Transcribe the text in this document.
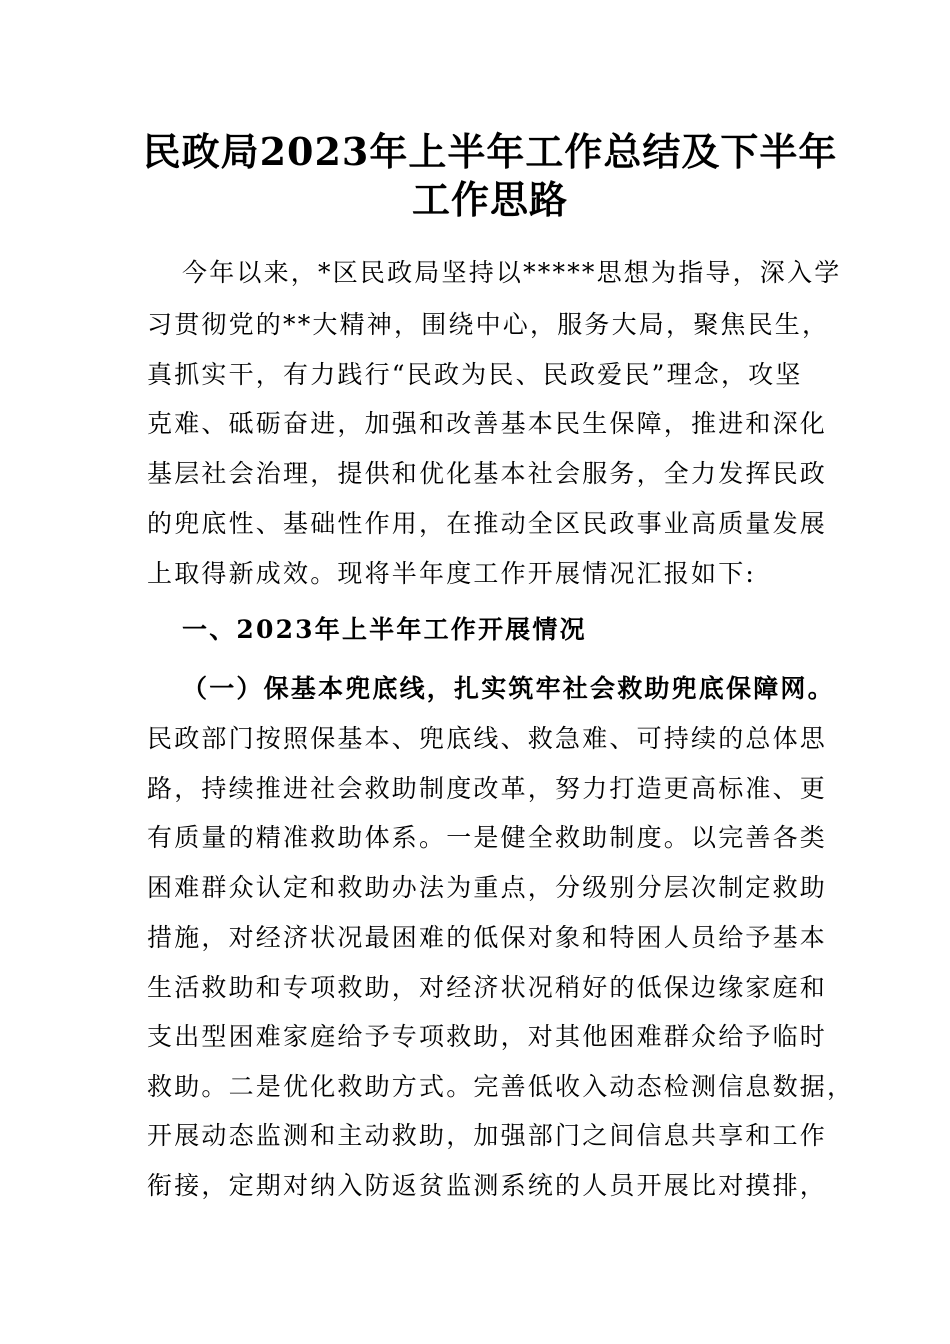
民政局2023年上半年工作总结及下半年
工作思路
今年以来，*区民政局坚持以*****思想为指导，深入学
习贯彻党的**大精神，围绕中心，服务大局，聚焦民生，
真抓实干，有力践行“民政为民、民政爱民”理念，攻坚
克难、砥砺奋进，加强和改善基本民生保障，推进和深化
基层社会治理，提供和优化基本社会服务，全力发挥民政
的兜底性、基础性作用，在推动全区民政事业高质量发展
上取得新成效。现将半年度工作开展情况汇报如下:
一、2023年上半年工作开展情况
（一）保基本兜底线，扎实筑牢社会救助兜底保障网。
民政部门按照保基本、兜底线、救急难、可持续的总体思
路，持续推进社会救助制度改革，努力打造更高标准、更
有质量的精准救助体系。一是健全救助制度。以完善各类
困难群众认定和救助办法为重点，分级别分层次制定救助
措施，对经济状况最困难的低保对象和特困人员给予基本
生活救助和专项救助，对经济状况稍好的低保边缘家庭和
支出型困难家庭给予专项救助，对其他困难群众给予临时
救助。二是优化救助方式。完善低收入动态检测信息数据，
开展动态监测和主动救助，加强部门之间信息共享和工作
衔接，定期对纳入防返贫监测系统的人员开展比对摸排，
